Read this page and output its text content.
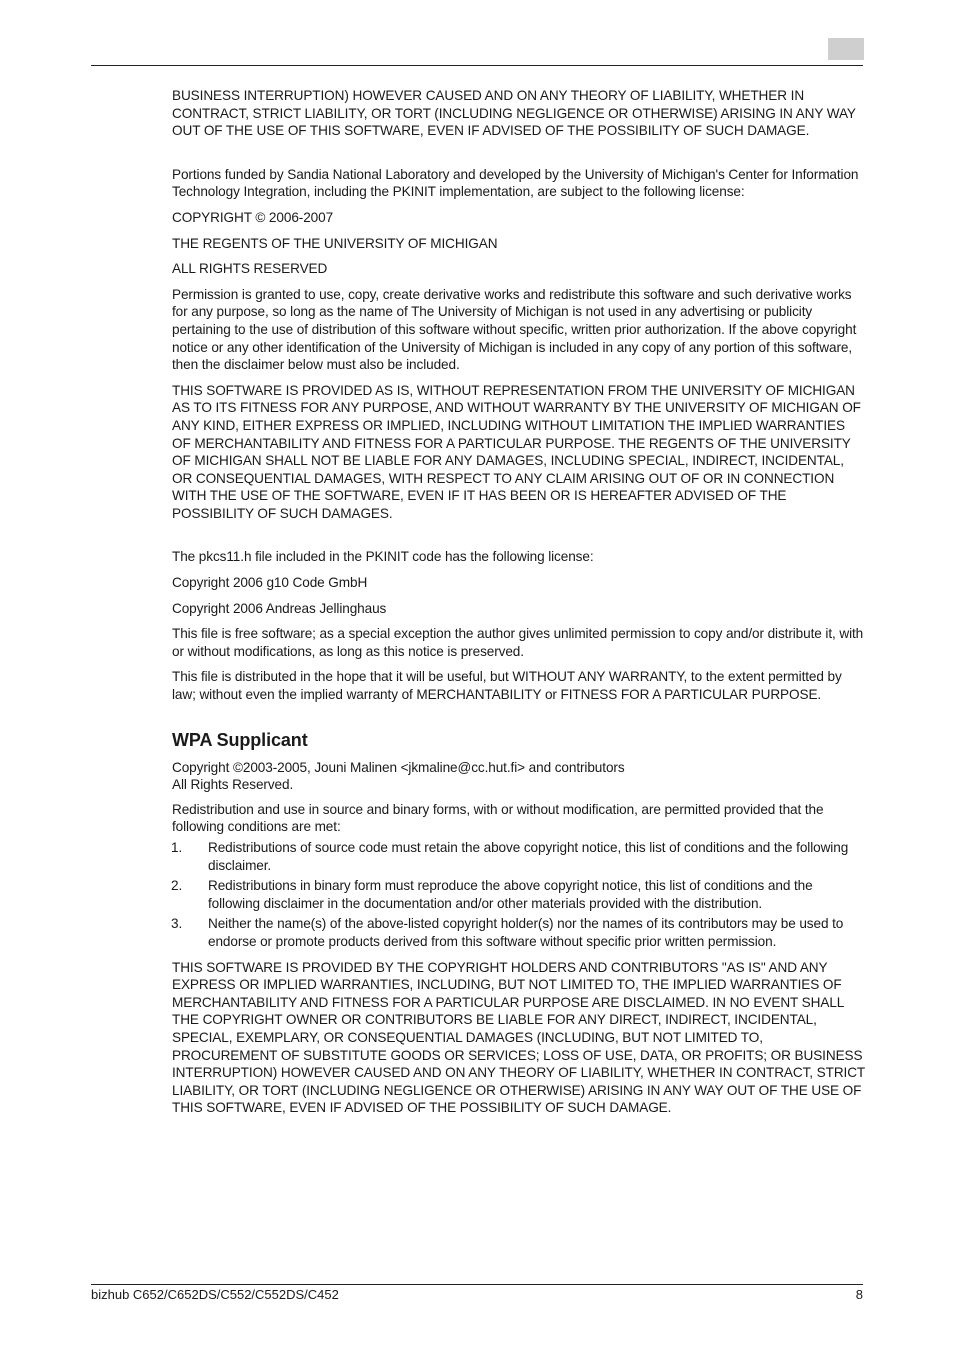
BUSINESS INTERRUPTION) HOWEVER CAUSED AND ON ANY THEORY OF LIABILITY, WHETHER IN CONTRACT, STRICT LIABILITY, OR TORT (INCLUDING NEGLIGENCE OR OTHERWISE) ARISING IN ANY WAY OUT OF THE USE OF THIS SOFTWARE, EVEN IF ADVISED OF THE POSSIBILITY OF SUCH DAMAGE.

Portions funded by Sandia National Laboratory and developed by the University of Michigan's Center for Information Technology Integration, including the PKINIT implementation, are subject to the following license:

COPYRIGHT © 2006-2007

THE REGENTS OF THE UNIVERSITY OF MICHIGAN

ALL RIGHTS RESERVED

Permission is granted to use, copy, create derivative works and redistribute this software and such derivative works for any purpose, so long as the name of The University of Michigan is not used in any advertising or publicity pertaining to the use of distribution of this software without specific, written prior authorization. If the above copyright notice or any other identification of the University of Michigan is included in any copy of any portion of this software, then the disclaimer below must also be included.

THIS SOFTWARE IS PROVIDED AS IS, WITHOUT REPRESENTATION FROM THE UNIVERSITY OF MICHIGAN AS TO ITS FITNESS FOR ANY PURPOSE, AND WITHOUT WARRANTY BY THE UNIVERSITY OF MICHIGAN OF ANY KIND, EITHER EXPRESS OR IMPLIED, INCLUDING WITHOUT LIMITATION THE IMPLIED WARRANTIES OF MERCHANTABILITY AND FITNESS FOR A PARTICULAR PURPOSE. THE REGENTS OF THE UNIVERSITY OF MICHIGAN SHALL NOT BE LIABLE FOR ANY DAMAGES, INCLUDING SPECIAL, INDIRECT, INCIDENTAL, OR CONSEQUENTIAL DAMAGES, WITH RESPECT TO ANY CLAIM ARISING OUT OF OR IN CONNECTION WITH THE USE OF THE SOFTWARE, EVEN IF IT HAS BEEN OR IS HEREAFTER ADVISED OF THE POSSIBILITY OF SUCH DAMAGES.

The pkcs11.h file included in the PKINIT code has the following license:

Copyright 2006 g10 Code GmbH

Copyright 2006 Andreas Jellinghaus

This file is free software; as a special exception the author gives unlimited permission to copy and/or distribute it, with or without modifications, as long as this notice is preserved.

This file is distributed in the hope that it will be useful, but WITHOUT ANY WARRANTY, to the extent permitted by law; without even the implied warranty of MERCHANTABILITY or FITNESS FOR A PARTICULAR PURPOSE.

WPA Supplicant

Copyright ©2003-2005, Jouni Malinen <jkmaline@cc.hut.fi> and contributors
All Rights Reserved.

Redistribution and use in source and binary forms, with or without modification, are permitted provided that the following conditions are met:

1. Redistributions of source code must retain the above copyright notice, this list of conditions and the following disclaimer.
2. Redistributions in binary form must reproduce the above copyright notice, this list of conditions and the following disclaimer in the documentation and/or other materials provided with the distribution.
3. Neither the name(s) of the above-listed copyright holder(s) nor the names of its contributors may be used to endorse or promote products derived from this software without specific prior written permission.

THIS SOFTWARE IS PROVIDED BY THE COPYRIGHT HOLDERS AND CONTRIBUTORS "AS IS" AND ANY EXPRESS OR IMPLIED WARRANTIES, INCLUDING, BUT NOT LIMITED TO, THE IMPLIED WARRANTIES OF MERCHANTABILITY AND FITNESS FOR A PARTICULAR PURPOSE ARE DISCLAIMED. IN NO EVENT SHALL THE COPYRIGHT OWNER OR CONTRIBUTORS BE LIABLE FOR ANY DIRECT, INDIRECT, INCIDENTAL, SPECIAL, EXEMPLARY, OR CONSEQUENTIAL DAMAGES (INCLUDING, BUT NOT LIMITED TO, PROCUREMENT OF SUBSTITUTE GOODS OR SERVICES; LOSS OF USE, DATA, OR PROFITS; OR BUSINESS INTERRUPTION) HOWEVER CAUSED AND ON ANY THEORY OF LIABILITY, WHETHER IN CONTRACT, STRICT LIABILITY, OR TORT (INCLUDING NEGLIGENCE OR OTHERWISE) ARISING IN ANY WAY OUT OF THE USE OF THIS SOFTWARE, EVEN IF ADVISED OF THE POSSIBILITY OF SUCH DAMAGE.

bizhub C652/C652DS/C552/C552DS/C452	8
